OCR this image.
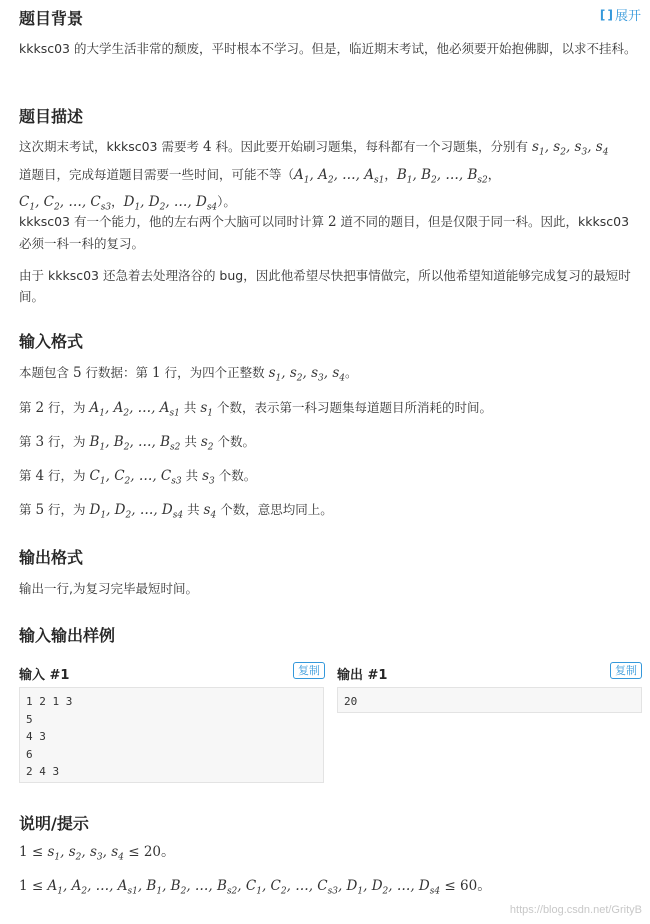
题目背景	[ ] 展开

kkksc03 的大学生活非常的颓废，平时根本不学习。但是，临近期末考试，他必须要开始抱佛脚，以求不挂科。

题目描述

这次期末考试，kkksc03 需要考 4 科。因此要开始刷习题集，每科都有一个习题集，分别有 $s_1$, $s_2$, $s_3$, $s_4$
道题目，完成每道题目需要一些时间，可能不等（$A_1$, $A_2$, …, $A_{s1}$，$B_1$, $B_2$, …, $B_{s2}$，
$C_1$, $C_2$, …, $C_{s3}$，$D_1$, $D_2$, …, $D_{s4}$）。

kkksc03 有一个能力，他的左右两个大脑可以同时计算 2 道不同的题目，但是仅限于同一科。因此，kkksc03 必须一科一科的复习。

由于 kkksc03 还急着去处理洛谷的 bug，因此他希望尽快把事情做完，所以他希望知道能够完成复习的最短时间。

输入格式

本题包含 5 行数据：第 1 行，为四个正整数 $s_1$, $s_2$, $s_3$, $s_4$。

第 2 行，为 $A_1$, $A_2$, …, $A_{s1}$ 共 $s_1$ 个数，表示第一科习题集每道题目所消耗的时间。

第 3 行，为 $B_1$, $B_2$, …, $B_{s2}$ 共 $s_2$ 个数。

第 4 行，为 $C_1$, $C_2$, …, $C_{s3}$ 共 $s_3$ 个数。

第 5 行，为 $D_1$, $D_2$, …, $D_{s4}$ 共 $s_4$ 个数，意思均同上。

输出格式

输出一行,为复习完毕最短时间。

输入输出样例
输入 #1	复制
1 2 1 3
5
4 3
6
2 4 3
输出 #1	复制
20
说明/提示

$1 \le s_1$, $s_2$, $s_3$, $s_4 \le 20$。

$1 \le A_1$, $A_2$, …, $A_{s1}$, $B_1$, $B_2$, …, $B_{s2}$, $C_1$, $C_2$, …, $C_{s3}$, $D_1$, $D_2$, …, $D_{s4} \le 60$。

https://blog.csdn.net/GrityB
